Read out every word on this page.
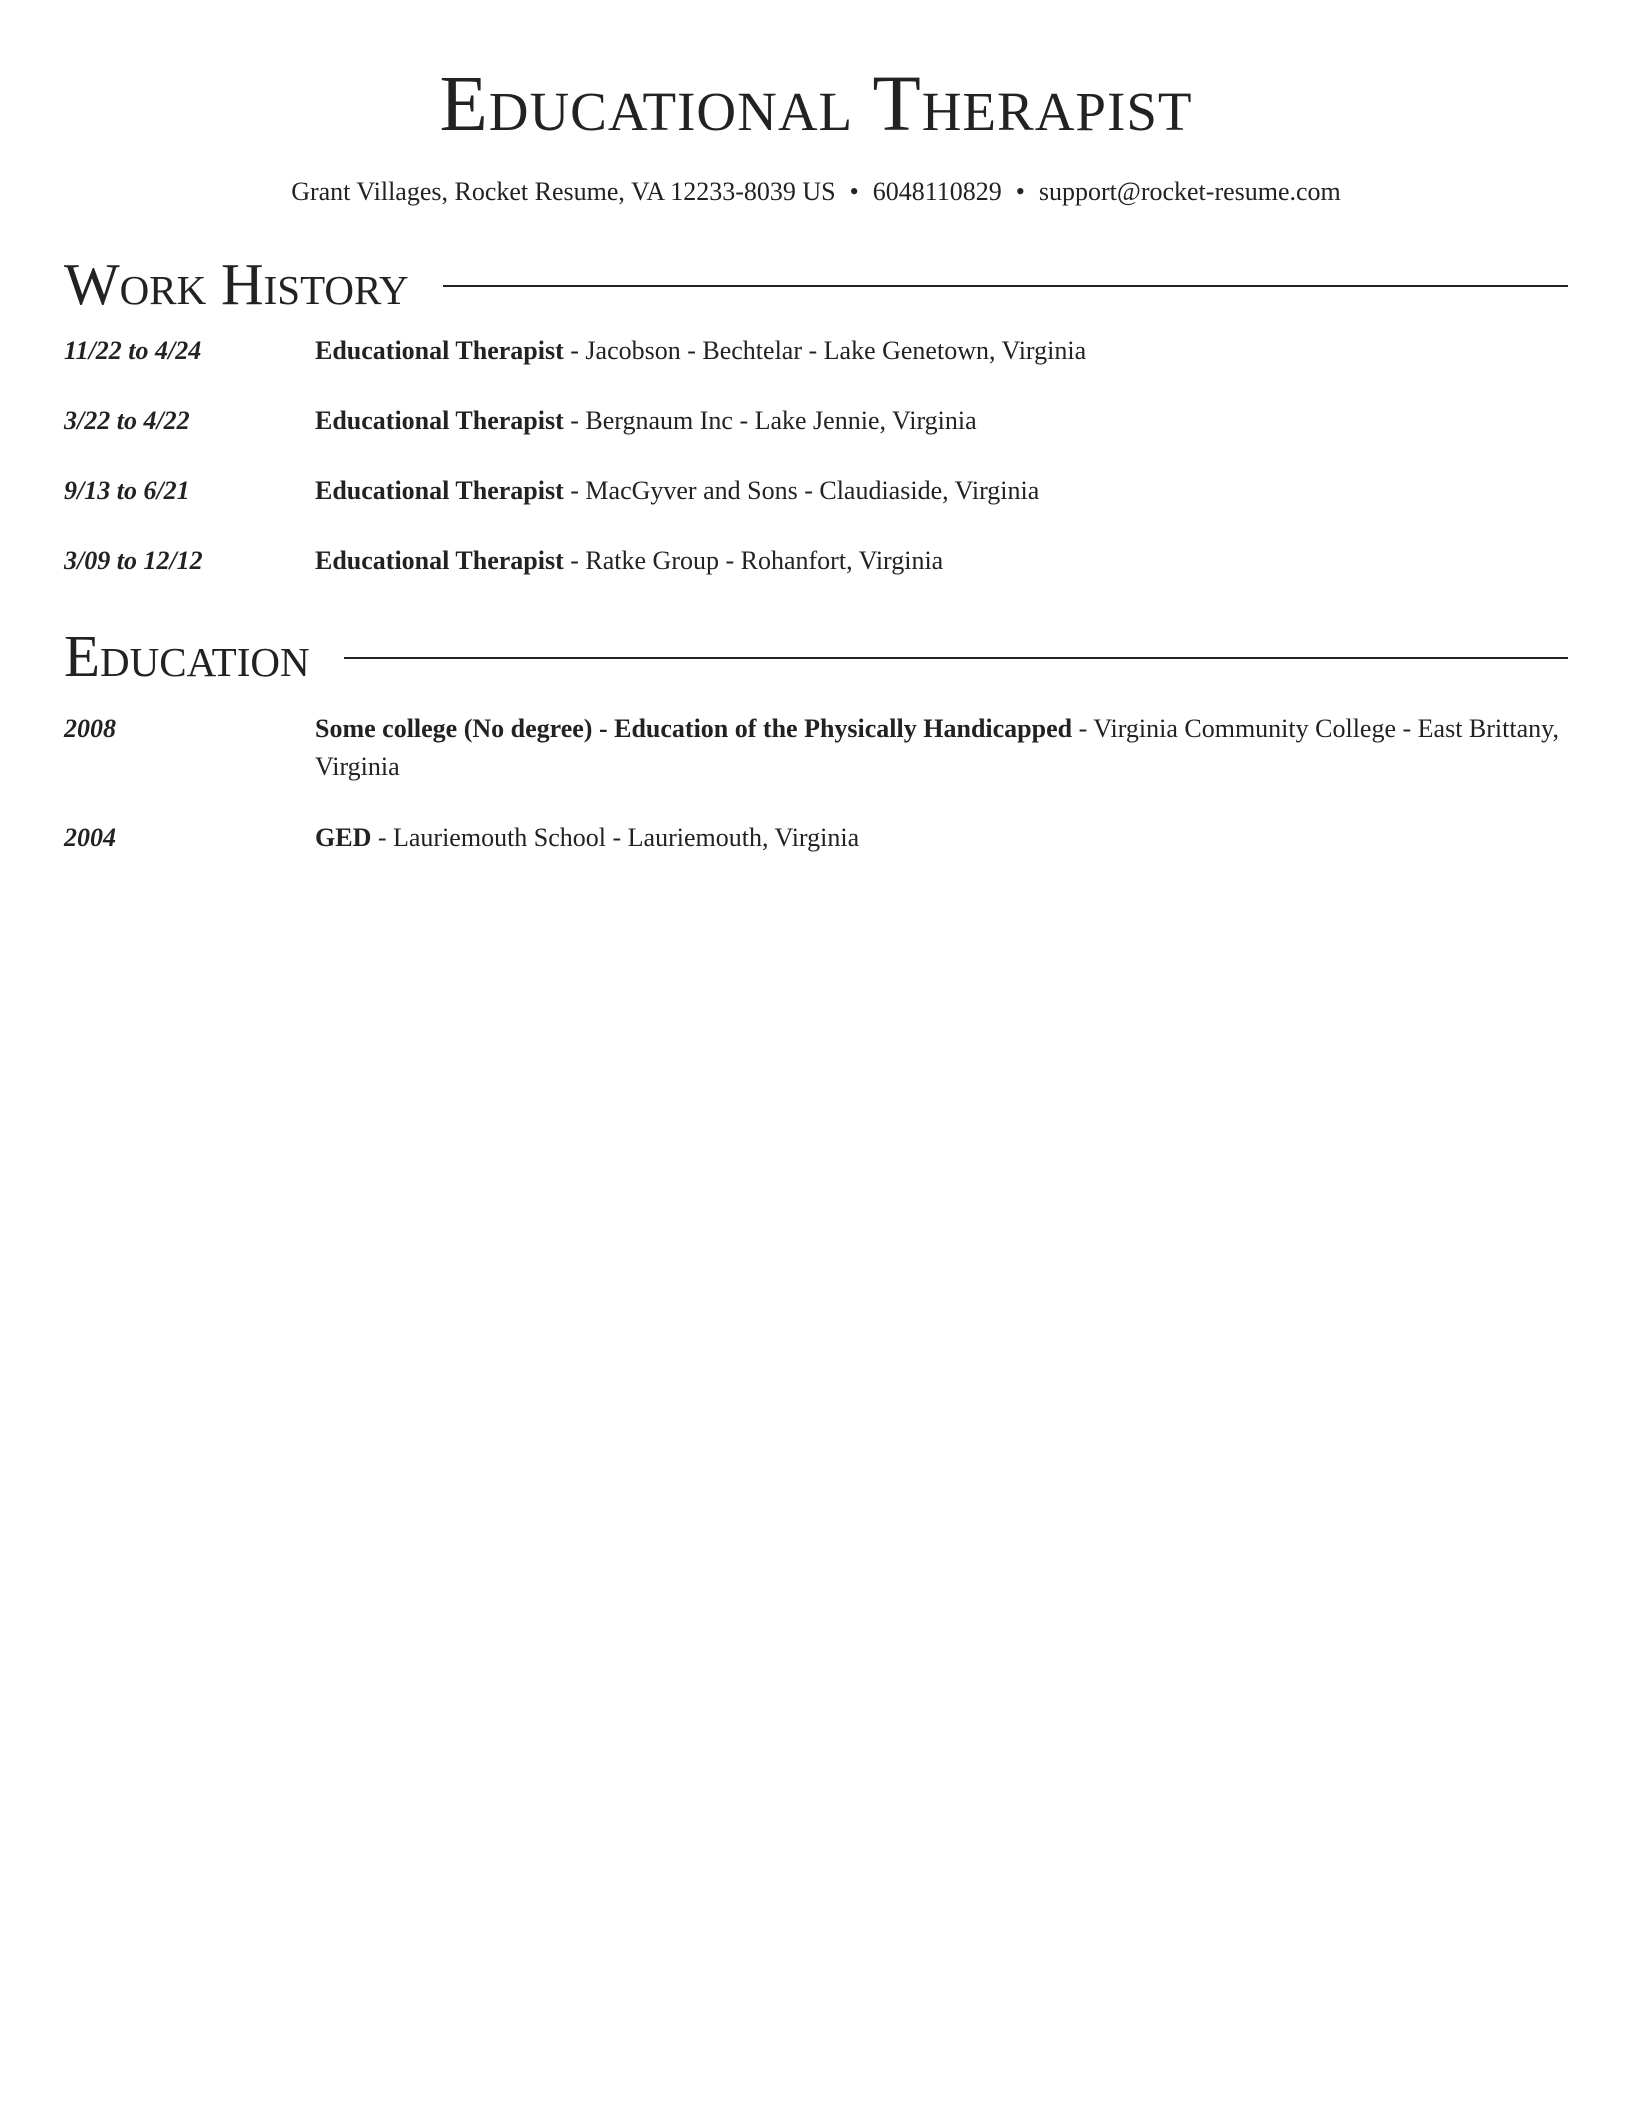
Educational Therapist
Grant Villages, Rocket Resume, VA 12233-8039 US • 6048110829 • support@rocket-resume.com
Work History
11/22 to 4/24	Educational Therapist - Jacobson - Bechtelar - Lake Genetown, Virginia
3/22 to 4/22	Educational Therapist - Bergnaum Inc - Lake Jennie, Virginia
9/13 to 6/21	Educational Therapist - MacGyver and Sons - Claudiaside, Virginia
3/09 to 12/12	Educational Therapist - Ratke Group - Rohanfort, Virginia
Education
2008	Some college (No degree) - Education of the Physically Handicapped - Virginia Community College - East Brittany, Virginia
2004	GED - Lauriemouth School - Lauriemouth, Virginia
